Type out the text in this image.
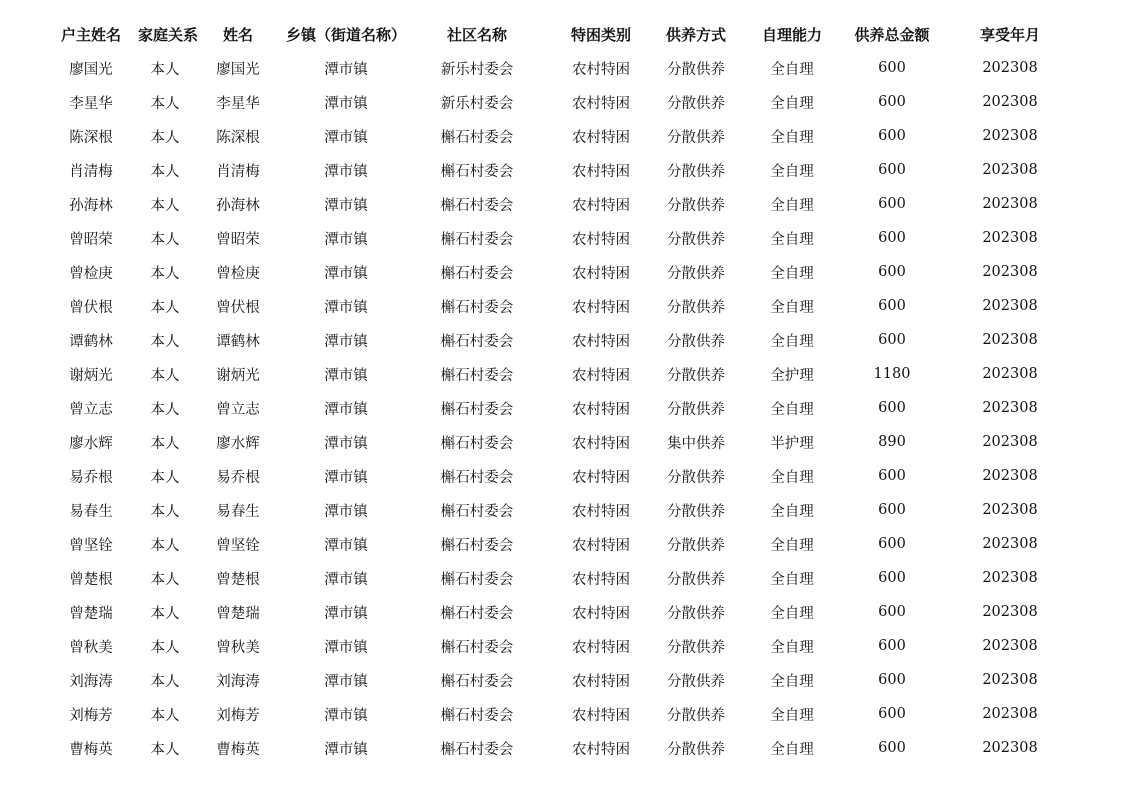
户主姓名	家庭关系	姓名	乡镇（街道名称）	社区名称	特困类别	供养方式	自理能力	供养总金额	享受年月
廖国光	本人	廖国光	潭市镇	新乐村委会	农村特困	分散供养	全自理	600	202308
李星华	本人	李星华	潭市镇	新乐村委会	农村特困	分散供养	全自理	600	202308
陈深根	本人	陈深根	潭市镇	槲石村委会	农村特困	分散供养	全自理	600	202308
肖清梅	本人	肖清梅	潭市镇	槲石村委会	农村特困	分散供养	全自理	600	202308
孙海林	本人	孙海林	潭市镇	槲石村委会	农村特困	分散供养	全自理	600	202308
曾昭荣	本人	曾昭荣	潭市镇	槲石村委会	农村特困	分散供养	全自理	600	202308
曾检庚	本人	曾检庚	潭市镇	槲石村委会	农村特困	分散供养	全自理	600	202308
曾伏根	本人	曾伏根	潭市镇	槲石村委会	农村特困	分散供养	全自理	600	202308
谭鹤林	本人	谭鹤林	潭市镇	槲石村委会	农村特困	分散供养	全自理	600	202308
谢炳光	本人	谢炳光	潭市镇	槲石村委会	农村特困	分散供养	全护理	1180	202308
曾立志	本人	曾立志	潭市镇	槲石村委会	农村特困	分散供养	全自理	600	202308
廖水辉	本人	廖水辉	潭市镇	槲石村委会	农村特困	集中供养	半护理	890	202308
易乔根	本人	易乔根	潭市镇	槲石村委会	农村特困	分散供养	全自理	600	202308
易春生	本人	易春生	潭市镇	槲石村委会	农村特困	分散供养	全自理	600	202308
曾坚铨	本人	曾坚铨	潭市镇	槲石村委会	农村特困	分散供养	全自理	600	202308
曾楚根	本人	曾楚根	潭市镇	槲石村委会	农村特困	分散供养	全自理	600	202308
曾楚瑞	本人	曾楚瑞	潭市镇	槲石村委会	农村特困	分散供养	全自理	600	202308
曾秋美	本人	曾秋美	潭市镇	槲石村委会	农村特困	分散供养	全自理	600	202308
刘海涛	本人	刘海涛	潭市镇	槲石村委会	农村特困	分散供养	全自理	600	202308
刘梅芳	本人	刘梅芳	潭市镇	槲石村委会	农村特困	分散供养	全自理	600	202308
曹梅英	本人	曹梅英	潭市镇	槲石村委会	农村特困	分散供养	全自理	600	202308
